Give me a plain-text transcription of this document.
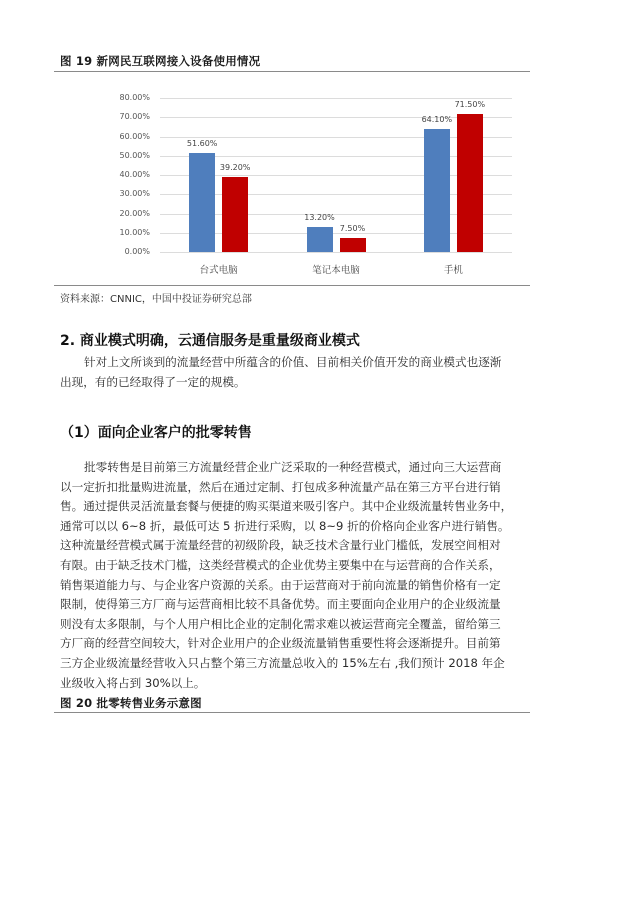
图 19 新网民互联网接入设备使用情况
0.00%
10.00%
20.00%
30.00%
40.00%
50.00%
60.00%
70.00%
80.00%
51.60%
39.20%
台式电脑
13.20%
7.50%
笔记本电脑
64.10%
71.50%
手机
资料来源：CNNIC，中国中投证券研究总部
2. 商业模式明确，云通信服务是重量级商业模式
针对上文所谈到的流量经营中所蕴含的价值、目前相关价值开发的商业模式也逐渐
出现，有的已经取得了一定的规模。
（1）面向企业客户的批零转售
批零转售是目前第三方流量经营企业广泛采取的一种经营模式，通过向三大运营商
以一定折扣批量购进流量，然后在通过定制、打包成多种流量产品在第三方平台进行销
售。通过提供灵活流量套餐与便捷的购买渠道来吸引客户。其中企业级流量转售业务中，
通常可以以 6~8 折，最低可达 5 折进行采购，以 8~9 折的价格向企业客户进行销售。
这种流量经营模式属于流量经营的初级阶段，缺乏技术含量行业门槛低，发展空间相对
有限。由于缺乏技术门槛，这类经营模式的企业优势主要集中在与运营商的合作关系，
销售渠道能力与、与企业客户资源的关系。由于运营商对于前向流量的销售价格有一定
限制，使得第三方厂商与运营商相比较不具备优势。而主要面向企业用户的企业级流量
则没有太多限制，与个人用户相比企业的定制化需求难以被运营商完全覆盖，留给第三
方厂商的经营空间较大，针对企业用户的企业级流量销售重要性将会逐渐提升。目前第
三方企业级流量经营收入只占整个第三方流量总收入的 15%左右 ,我们预计 2018 年企
业级收入将占到 30%以上。
图 20 批零转售业务示意图
